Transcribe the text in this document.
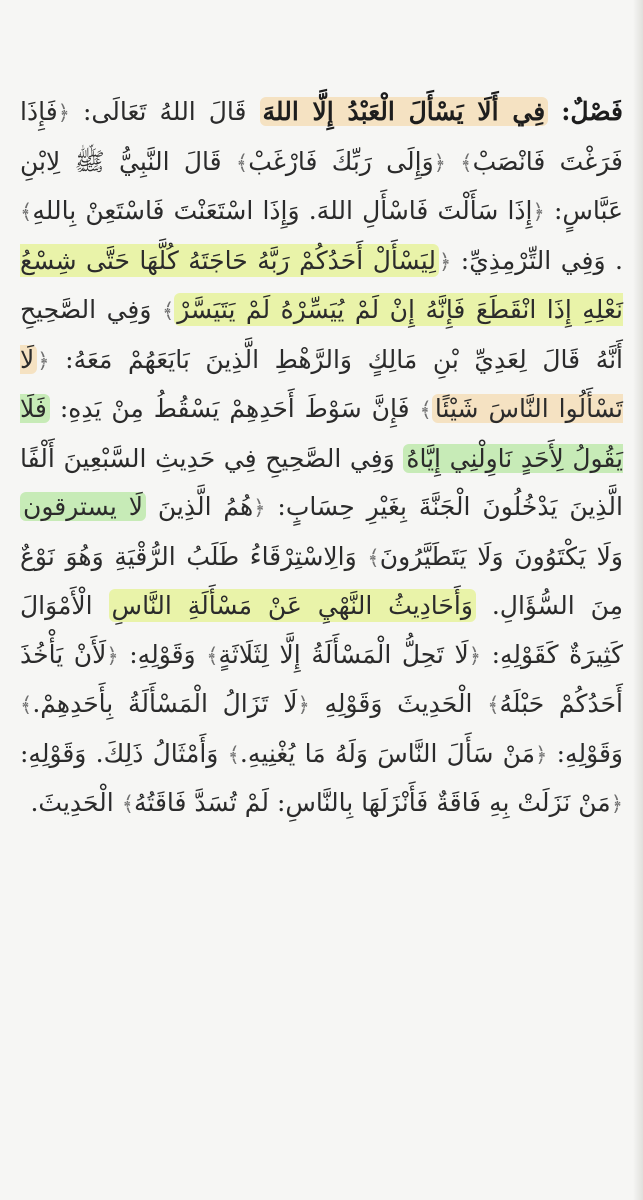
فَصْلٌ: فِي أَلَا يَسْأَلَ الْعَبْدُ إِلَّا اللهَ قَالَ اللهُ تَعَالَى: ﴿فَإِذَا فَرَغْتَ فَانْصَبْ﴾ ﴿وَإِلَى رَبِّكَ فَارْغَبْ﴾ قَالَ النَّبِيُّ ﷺ لِابْنِ عَبَّاسٍ: ﴿إِذَا سَأَلْتَ فَاسْأَلِ اللهَ. وَإِذَا اسْتَعَنْتَ فَاسْتَعِنْ بِاللهِ﴾ . وَفِي التِّرْمِذِيِّ: ﴿لِيَسْأَلْ أَحَدُكُمْ رَبَّهُ حَاجَتَهُ كُلَّهَا حَتَّى شِسْعُ نَعْلِهِ إِذَا انْقَطَعَ فَإِنَّهُ إِنْ لَمْ يُيَسِّرْهُ لَمْ يَتَيَسَّرْ﴾ وَفِي الصَّحِيحِ أَنَّهُ قَالَ لِعَدِيِّ بْنِ مَالِكٍ وَالرَّهْطِ الَّذِينَ بَايَعَهُمْ مَعَهُ: ﴿لَا تَسْأَلُوا النَّاسَ شَيْئًا﴾ فَإِنَّ سَوْطَ أَحَدِهِمْ يَسْقُطُ مِنْ يَدِهِ: فَلَا يَقُولُ لِأَحَدٍ نَاوِلْنِي إِيَّاهُ وَفِي الصَّحِيحِ فِي حَدِيثِ السَّبْعِينَ أَلْفًا الَّذِينَ يَدْخُلُونَ الْجَنَّةَ بِغَيْرِ حِسَابٍ: ﴿هُمُ الَّذِينَ لَا يسترقون وَلَا يَكْتَوُونَ وَلَا يَتَطَيَّرُونَ﴾ وَالِاسْتِرْقَاءُ طَلَبُ الرُّقْيَةِ وَهُوَ نَوْعٌ مِنَ السُّؤَالِ. وَأَحَادِيثُ النَّهْيِ عَنْ مَسْأَلَةِ النَّاسِ الْأَمْوَالَ كَثِيرَةٌ كَقَوْلِهِ: ﴿لَا تَحِلُّ الْمَسْأَلَةُ إِلَّا لِثَلَاثَةٍ﴾ وَقَوْلِهِ: ﴿لَأَنْ يَأْخُذَ أَحَدُكُمْ حَبْلَهُ﴾ الْحَدِيثَ وَقَوْلِهِ ﴿لَا تَزَالُ الْمَسْأَلَةُ بِأَحَدِهِمْ.﴾ وَقَوْلِهِ: ﴿مَنْ سَأَلَ النَّاسَ وَلَهُ مَا يُغْنِيهِ.﴾ وَأَمْثَالُ ذَلِكَ. وَقَوْلِهِ: ﴿مَنْ نَزَلَتْ بِهِ فَاقَةٌ فَأَنْزَلَهَا بِالنَّاسِ: لَمْ تُسَدَّ فَاقَتُهُ﴾ الْحَدِيثَ.
